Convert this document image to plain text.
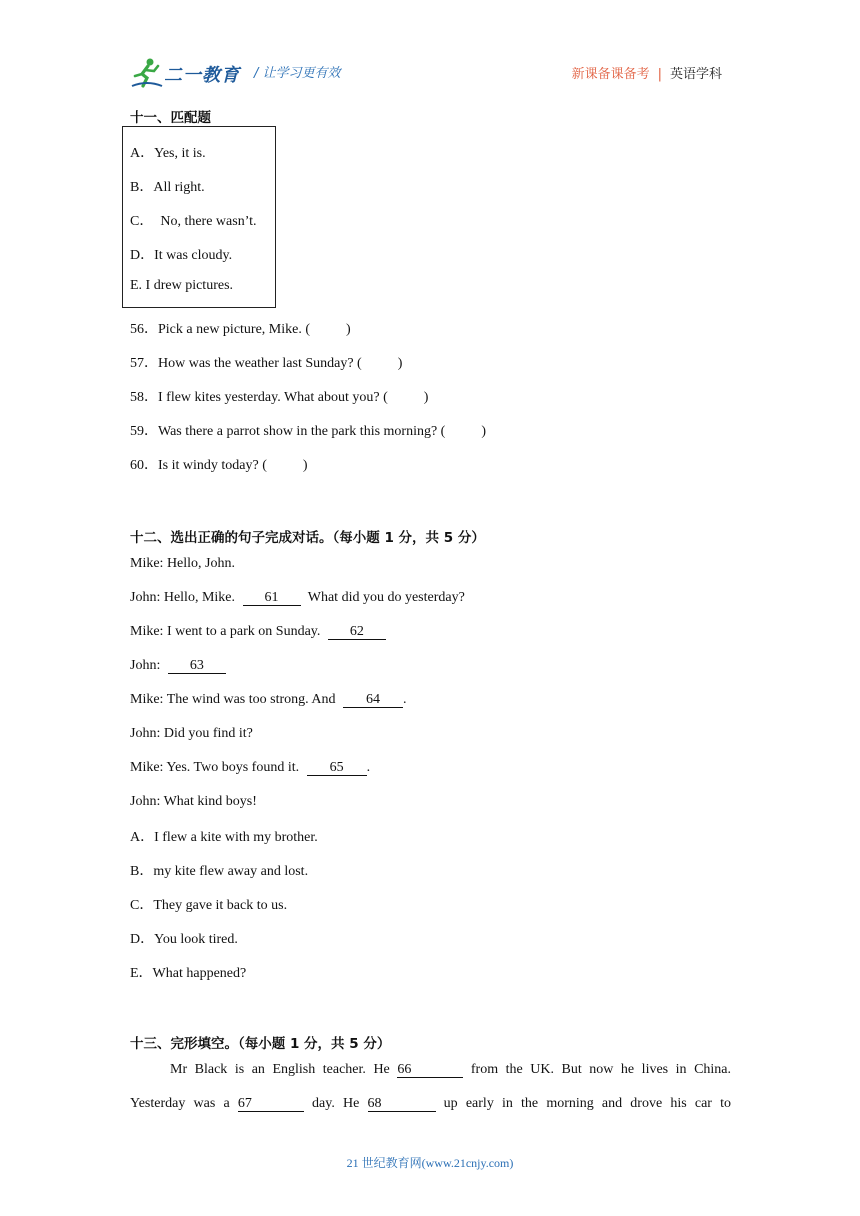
二一教育 / 让学习更有效	新课备课备考 | 英语学科
十一、匹配题
A．Yes, it is.
B．All right.
C．  No, there wasn’t.
D．It was cloudy.
E. I drew pictures.
56．Pick a new picture, Mike. (	)
57．How was the weather last Sunday? (	)
58．I flew kites yesterday. What about you? (	)
59．Was there a parrot show in the park this morning? (	)
60．Is it windy today? (	)
十二、选出正确的句子完成对话。（每小题 1 分，共 5 分）
Mike: Hello, John.
John: Hello, Mike. 61 What did you do yesterday?
Mike: I went to a park on Sunday. 62
John: 63
Mike: The wind was too strong. And 64 .
John: Did you find it?
Mike: Yes. Two boys found it. 65 .
John: What kind boys!
A．I flew a kite with my brother.
B．my kite flew away and lost.
C．They gave it back to us.
D．You look tired.
E．What happened?
十三、完形填空。（每小题 1 分，共 5 分）
Mr Black is an English teacher. He 66	from the UK. But now he lives in China.
Yesterday was a 67	day. He 68	up early in the morning and drove his car to
21 世纪教育网(www.21cnjy.com)
